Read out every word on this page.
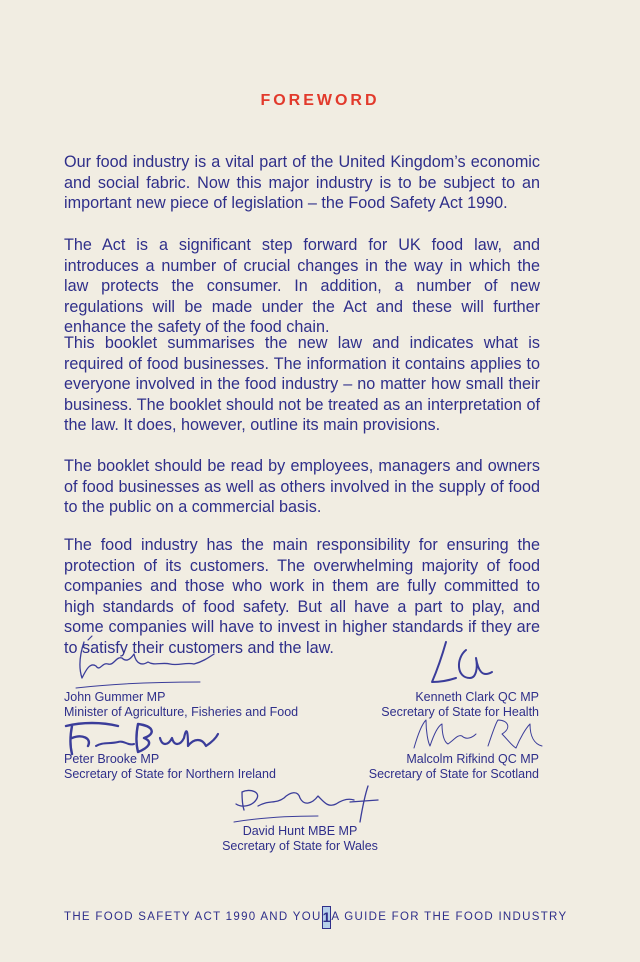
FOREWORD

Our food industry is a vital part of the United Kingdom’s economic and social fabric. Now this major industry is to be subject to an important new piece of legislation – the Food Safety Act 1990.

The Act is a significant step forward for UK food law, and introduces a number of crucial changes in the way in which the law protects the consumer. In addition, a number of new regulations will be made under the Act and these will further enhance the safety of the food chain.

This booklet summarises the new law and indicates what is required of food businesses. The information it contains applies to everyone involved in the food industry – no matter how small their business. The booklet should not be treated as an interpretation of the law. It does, however, outline its main provisions.

The booklet should be read by employees, managers and owners of food businesses as well as others involved in the supply of food to the public on a commercial basis.

The food industry has the main responsibility for ensuring the protection of its customers. The overwhelming majority of food companies and those who work in them are fully committed to high standards of food safety. But all have a part to play, and some companies will have to invest in higher standards if they are to satisfy their customers and the law.

John Gummer MP
Minister of Agriculture, Fisheries and Food
Kenneth Clark QC MP
Secretary of State for Health
Peter Brooke MP
Secretary of State for Northern Ireland
Malcolm Rifkind QC MP
Secretary of State for Scotland
David Hunt MBE MP
Secretary of State for Wales
THE FOOD SAFETY ACT 1990 AND YOU 1 A GUIDE FOR THE FOOD INDUSTRY
